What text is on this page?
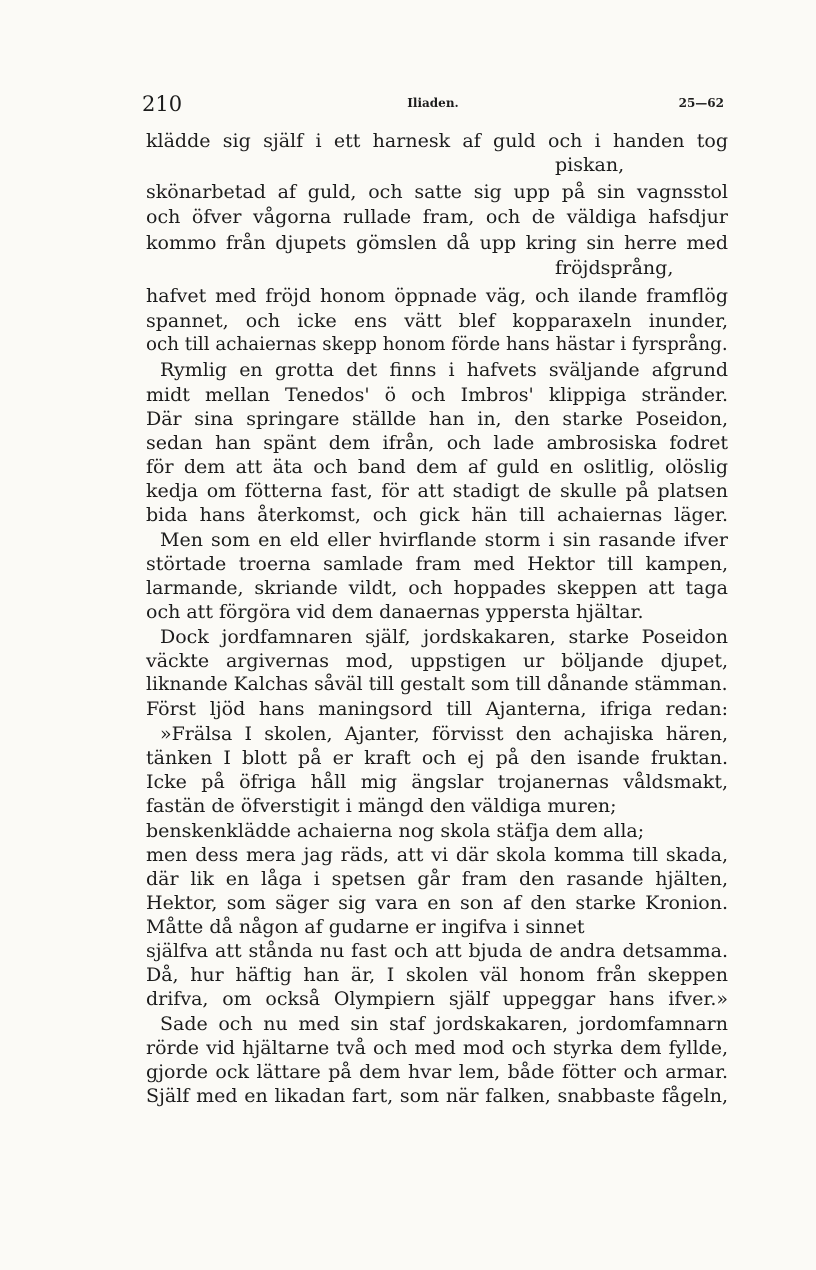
210	Iliaden.	25—62
klädde sig själf i ett harnesk af guld och i handen tog
piskan,
skönarbetad af guld, och satte sig upp på sin vagnsstol
och öfver vågorna rullade fram, och de väldiga hafsdjur
kommo från djupets gömslen då upp kring sin herre med
fröjdsprång,
hafvet med fröjd honom öppnade väg, och ilande framflög
spannet, och icke ens vätt blef kopparaxeln inunder,
och till achaiernas skepp honom förde hans hästar i fyrsprång.
Rymlig en grotta det finns i hafvets sväljande afgrund
midt mellan Tenedos' ö och Imbros' klippiga stränder.
Där sina springare ställde han in, den starke Poseidon,
sedan han spänt dem ifrån, och lade ambrosiska fodret
för dem att äta och band dem af guld en oslitlig, olöslig
kedja om fötterna fast, för att stadigt de skulle på platsen
bida hans återkomst, och gick hän till achaiernas läger.
Men som en eld eller hvirflande storm i sin rasande ifver
störtade troerna samlade fram med Hektor till kampen,
larmande, skriande vildt, och hoppades skeppen att taga
och att förgöra vid dem danaernas yppersta hjältar.
Dock jordfamnaren själf, jordskakaren, starke Poseidon
väckte argivernas mod, uppstigen ur böljande djupet,
liknande Kalchas såväl till gestalt som till dånande stämman.
Först ljöd hans maningsord till Ajanterna, ifriga redan:
»Frälsa I skolen, Ajanter, förvisst den achajiska hären,
tänken I blott på er kraft och ej på den isande fruktan.
Icke på öfriga håll mig ängslar trojanernas våldsmakt,
fastän de öfverstigit i mängd den väldiga muren;
benskenklädde achaierna nog skola stäfja dem alla;
men dess mera jag räds, att vi där skola komma till skada,
där lik en låga i spetsen går fram den rasande hjälten,
Hektor, som säger sig vara en son af den starke Kronion.
Måtte då någon af gudarne er ingifva i sinnet
själfva att stånda nu fast och att bjuda de andra detsamma.
Då, hur häftig han är, I skolen väl honom från skeppen
drifva, om också Olympiern själf uppeggar hans ifver.»
Sade och nu med sin staf jordskakaren, jordomfamnarn
rörde vid hjältarne två och med mod och styrka dem fyllde,
gjorde ock lättare på dem hvar lem, både fötter och armar.
Själf med en likadan fart, som när falken, snabbaste fågeln,
